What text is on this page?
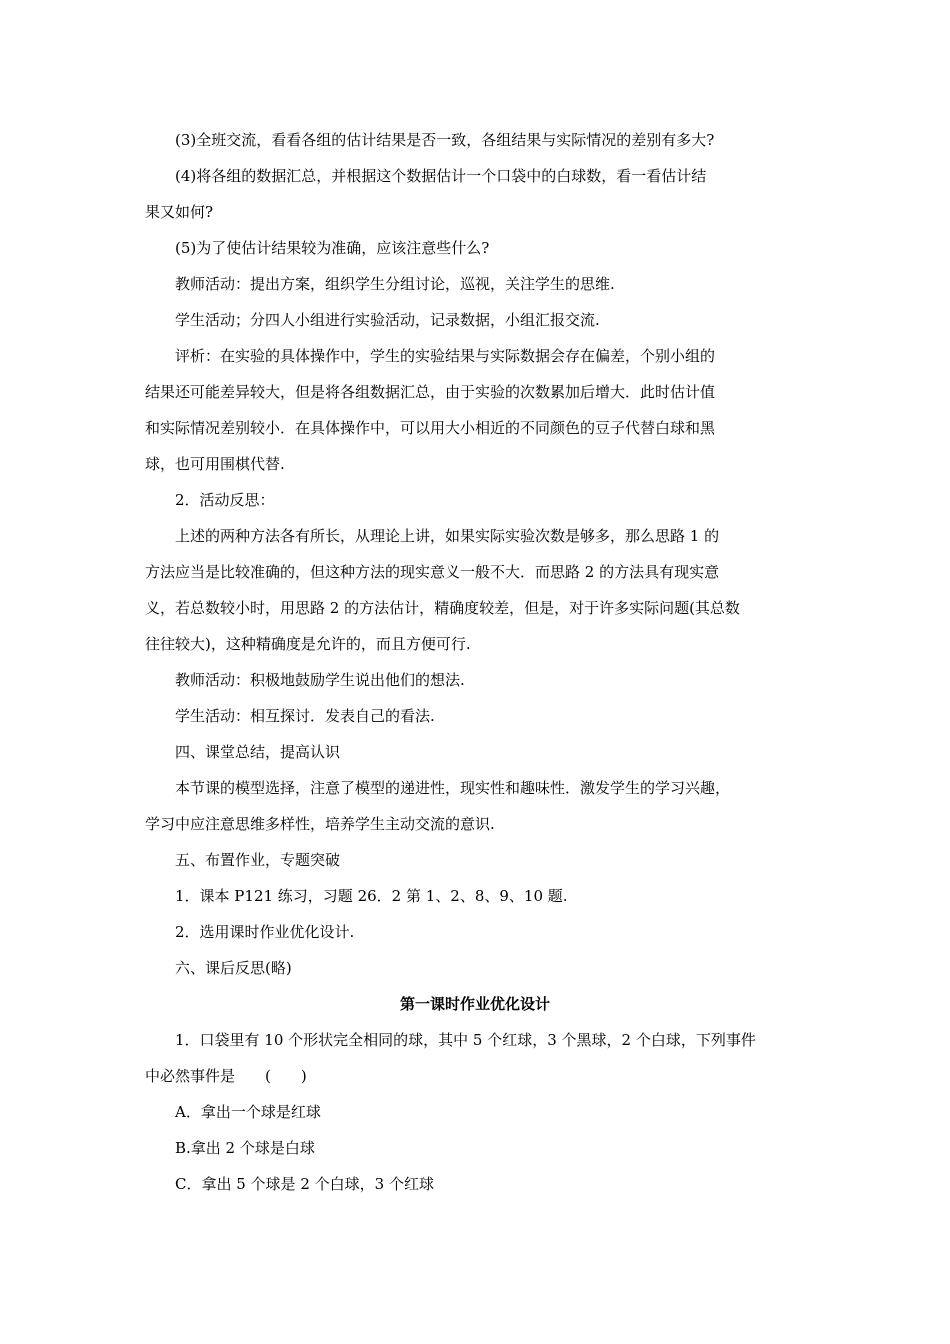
(3)全班交流，看看各组的估计结果是否一致，各组结果与实际情况的差别有多大?

(4)将各组的数据汇总，并根据这个数据估计一个口袋中的白球数，看一看估计结

果又如何?

(5)为了使估计结果较为准确，应该注意些什么?

教师活动：提出方案，组织学生分组讨论，巡视，关注学生的思维.

学生活动；分四人小组进行实验活动，记录数据，小组汇报交流.

评析：在实验的具体操作中，学生的实验结果与实际数据会存在偏差，个别小组的

结果还可能差异较大，但是将各组数据汇总，由于实验的次数累加后增大．此时估计值

和实际情况差别较小．在具体操作中，可以用大小相近的不同颜色的豆子代替白球和黑

球，也可用围棋代替.

2．活动反思：

上述的两种方法各有所长，从理论上讲，如果实际实验次数是够多，那么思路 1 的

方法应当是比较准确的，但这种方法的现实意义一般不大．而思路 2 的方法具有现实意

义，若总数较小时，用思路 2 的方法估计，精确度较差，但是，对于许多实际问题(其总数

往往较大)，这种精确度是允许的，而且方便可行.

教师活动：积极地鼓励学生说出他们的想法.

学生活动：相互探讨．发表自己的看法.

四、课堂总结，提高认识

本节课的模型选择，注意了模型的递进性，现实性和趣味性．激发学生的学习兴趣，

学习中应注意思维多样性，培养学生主动交流的意识.

五、布置作业，专题突破

1．课本 P121 练习，习题 26．2 第 1、2、8、9、10 题.

2．选用课时作业优化设计.

六、课后反思(略)

第一课时作业优化设计

1．口袋里有 10 个形状完全相同的球，其中 5 个红球，3 个黑球，2 个白球，下列事件

中必然事件是　　(　　)

A．拿出一个球是红球

B.拿出 2 个球是白球

C．拿出 5 个球是 2 个白球，3 个红球
